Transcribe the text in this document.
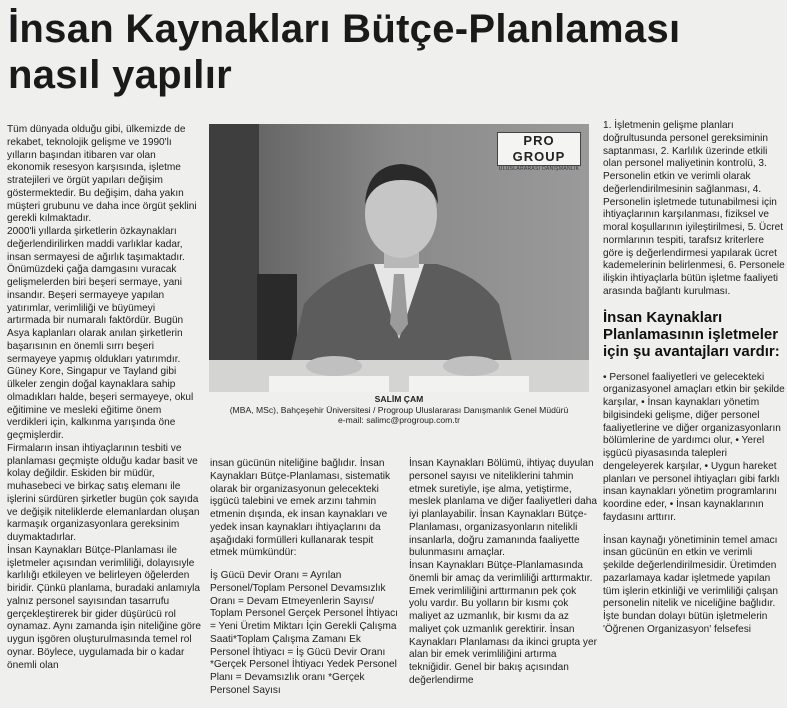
İnsan Kaynakları Bütçe-Planlaması
nasıl yapılır

Tüm dünyada olduğu gibi, ülkemizde de rekabet, teknolojik gelişme ve 1990'lı yılların başından itibaren var olan ekonomik resesyon karşısında, işletme stratejileri ve örgüt yapıları değişim göstermektedir. Bu değişim, daha yakın müşteri grubunu ve daha ince örgüt şeklini gerekli kılmaktadır.

2000'li yıllarda şirketlerin özkaynakları değerlendirilirken maddi varlıklar kadar, insan sermayesi de ağırlık taşımaktadır. Önümüzdeki çağa damgasını vuracak gelişmelerden biri beşeri sermaye, yani insandır. Beşeri sermayeye yapılan yatırımlar, verimliliği ve büyümeyi artırmada bir numaralı faktördür. Bugün Asya kaplanları olarak anılan şirketlerin başarısının en önemli sırrı beşeri sermayeye yapmış oldukları yatırımdır. Güney Kore, Singapur ve Tayland gibi ülkeler zengin doğal kaynaklara sahip olmadıkları halde, beşeri sermayeye, okul eğitimine ve mesleki eğitime önem verdikleri için, kalkınma yarışında öne geçmişlerdir.

Firmaların insan ihtiyaçlarının tesbiti ve planlaması geçmişte olduğu kadar basit ve kolay değildir. Eskiden bir müdür, muhasebeci ve birkaç satış elemanı ile işlerini sürdüren şirketler bugün çok sayıda ve değişik niteliklerde elemanlardan oluşan karmaşık organizasyonlara gereksinim duymaktadırlar.

İnsan Kaynakları Bütçe-Planlaması ile işletmeler açısından verimliliği, dolayısıyle karlılığı etkileyen ve belirleyen öğelerden biridir. Çünkü planlama, buradaki anlamıyla yalnız personel sayısından tasarrufu gerçekleştirerek bir gider düşürücü rol oynamaz. Aynı zamanda işin niteliğine göre uygun işgören oluşturulmasında temel rol oynar. Böylece, uygulamada bir o kadar önemli olan

PRO GROUP
ULUSLARARASI DANIŞMANLIK
SALİM ÇAM
(MBA, MSc), Bahçeşehir Üniversitesi / Progroup Uluslararası Danışmanlık Genel Müdürü
e-mail: salimc@progroup.com.tr

insan gücünün niteliğine bağlıdır. İnsan Kaynakları Bütçe-Planlaması, sistematik olarak bir organizasyonun gelecekteki işgücü talebini ve emek arzını tahmin etmenin dışında, ek insan kaynakları ve yedek insan kaynakları ihtiyaçlarını da aşağıdaki formülleri kullanarak tespit etmek mümkündür:

İş Gücü Devir Oranı = Ayrılan Personel/Toplam Personel Devamsızlık Oranı = Devam Etmeyenlerin Sayısı/ Toplam Personel Gerçek Personel İhtiyacı = Yeni Üretim Miktarı İçin Gerekli Çalışma Saati*Toplam Çalışma Zamanı Ek Personel İhtiyacı = İş Gücü Devir Oranı *Gerçek Personel İhtiyacı Yedek Personel Planı = Devamsızlık oranı *Gerçek Personel Sayısı

İnsan Kaynakları Bölümü, ihtiyaç duyulan personel sayısı ve niteliklerini tahmin etmek suretiyle, işe alma, yetiştirme, meslek planlama ve diğer faaliyetleri daha iyi planlayabilir. İnsan Kaynakları Bütçe-Planlaması, organizasyonların nitelikli insanlarla, doğru zamanında faaliyette bulunmasını amaçlar.

İnsan Kaynakları Bütçe-Planlamasında önemli bir amaç da verimliliği arttırmaktır. Emek verimliliğini arttırmanın pek çok yolu vardır. Bu yolların bir kısmı çok maliyet az uzmanlık, bir kısmı da az maliyet çok uzmanlık gerektirir. İnsan Kaynakları Planlaması da ikinci grupta yer alan bir emek verimliliğini artırma tekniğidir. Genel bir bakış açısından değerlendirme

1. İşletmenin gelişme planları doğrultusunda personel gereksiminin saptanması, 2. Karlılık üzerinde etkili olan personel maliyetinin kontrolü, 3. Personelin etkin ve verimli olarak değerlendirilmesinin sağlanması, 4. Personelin işletmede tutunabilmesi için ihtiyaçlarının karşılanması, fiziksel ve moral koşullarının iyileştirilmesi, 5. Ücret normlarının tespiti, tarafsız kriterlere göre iş değerlendirmesi yapılarak ücret kademelerinin belirlenmesi, 6. Personele ilişkin ihtiyaçlarla bütün işletme faaliyeti arasında bağlantı kurulması.

İnsan Kaynakları Planlamasının işletmeler için şu avantajları vardır:

• Personel faaliyetleri ve gelecekteki organizasyonel amaçları etkin bir şekilde karşılar, • İnsan kaynakları yönetim bilgisindeki gelişme, diğer personel faaliyetlerine ve diğer organizasyonların bölümlerine de yardımcı olur, • Yerel işgücü piyasasında talepleri dengeleyerek karşılar, • Uygun hareket planları ve personel ihtiyaçları gibi farklı insan kaynakları yönetim programlarını koordine eder, • İnsan kaynaklarının faydasını arttırır.

İnsan kaynağı yönetiminin temel amacı insan gücünün en etkin ve verimli şekilde değerlendirilmesidir. Üretimden pazarlamaya kadar işletmede yapılan tüm işlerin etkinliği ve verimliliği çalışan personelin nitelik ve niceliğine bağlıdır. İşte bundan dolayı bütün işletmelerin 'Öğrenen Organizasyon' felsefesi
